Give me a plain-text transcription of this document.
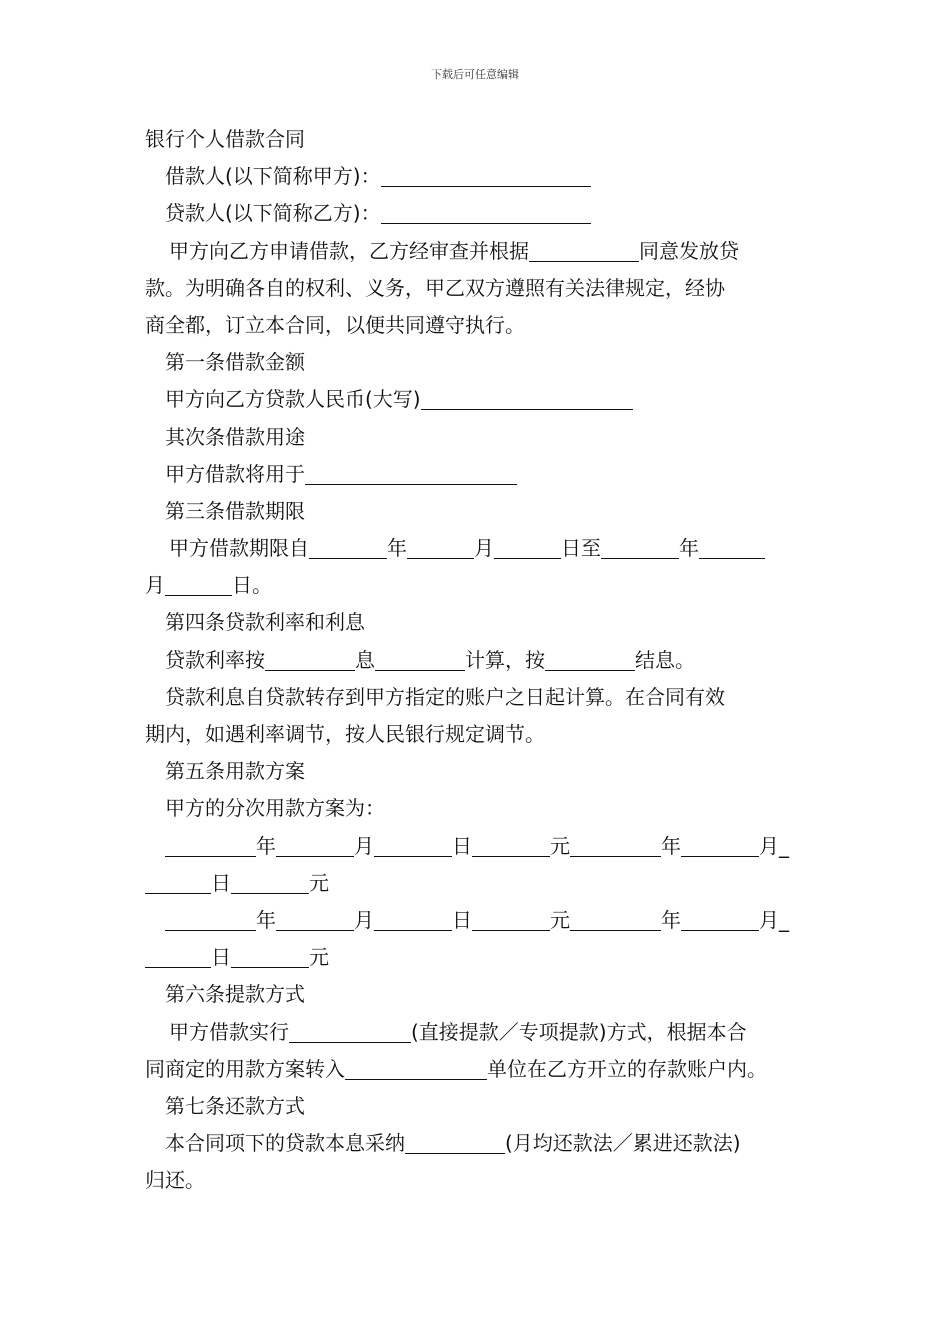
下载后可任意编辑
银行个人借款合同
借款人(以下简称甲方)：
贷款人(以下简称乙方)：
甲方向乙方申请借款，乙方经审查并根据	同意发放贷
款。为明确各自的权利、义务，甲乙双方遵照有关法律规定，经协
商全都，订立本合同，以便共同遵守执行。
第一条借款金额
甲方向乙方贷款人民币(大写)
其次条借款用途
甲方借款将用于
第三条借款期限
甲方借款期限自	年	月	日至	年
月	日。
第四条贷款利率和利息
贷款利率按	息	计算，按	结息。
贷款利息自贷款转存到甲方指定的账户之日起计算。在合同有效
期内，如遇利率调节，按人民银行规定调节。
第五条用款方案
甲方的分次用款方案为：
年	月	日	元	年	月_
日	元
年	月	日	元	年	月_
日	元
第六条提款方式
甲方借款实行	(直接提款／专项提款)方式，根据本合
同商定的用款方案转入	单位在乙方开立的存款账户内。
第七条还款方式
本合同项下的贷款本息采纳	(月均还款法／累进还款法)
归还。
